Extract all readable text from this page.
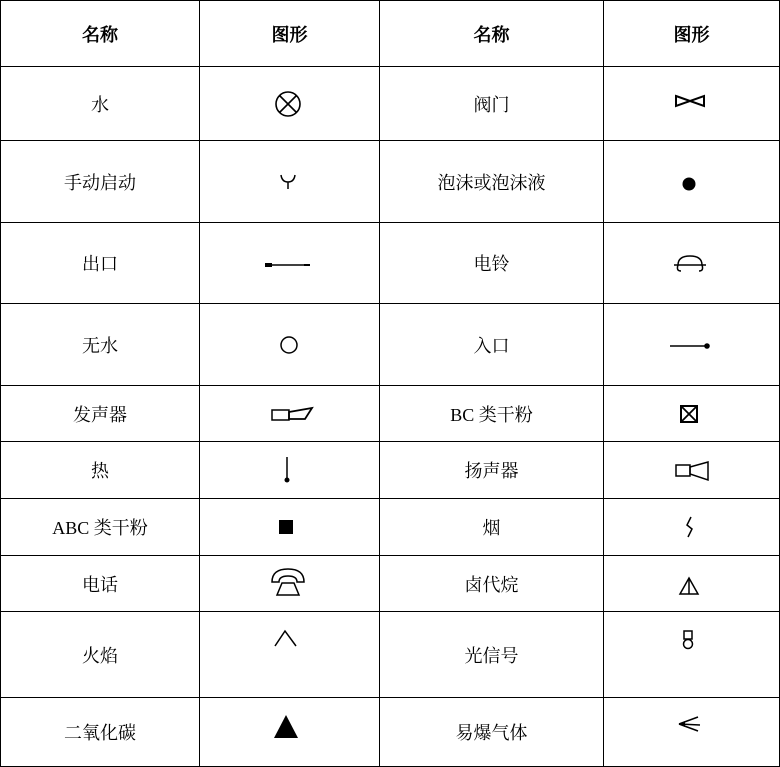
名称	图形	名称	图形
水	阀门
手动启动	泡沫或泡沫液
出口	电铃
无水	入口
发声器	BC 类干粉
热	扬声器
ABC 类干粉	烟
电话	卤代烷
火焰	光信号
二氧化碳	易爆气体
